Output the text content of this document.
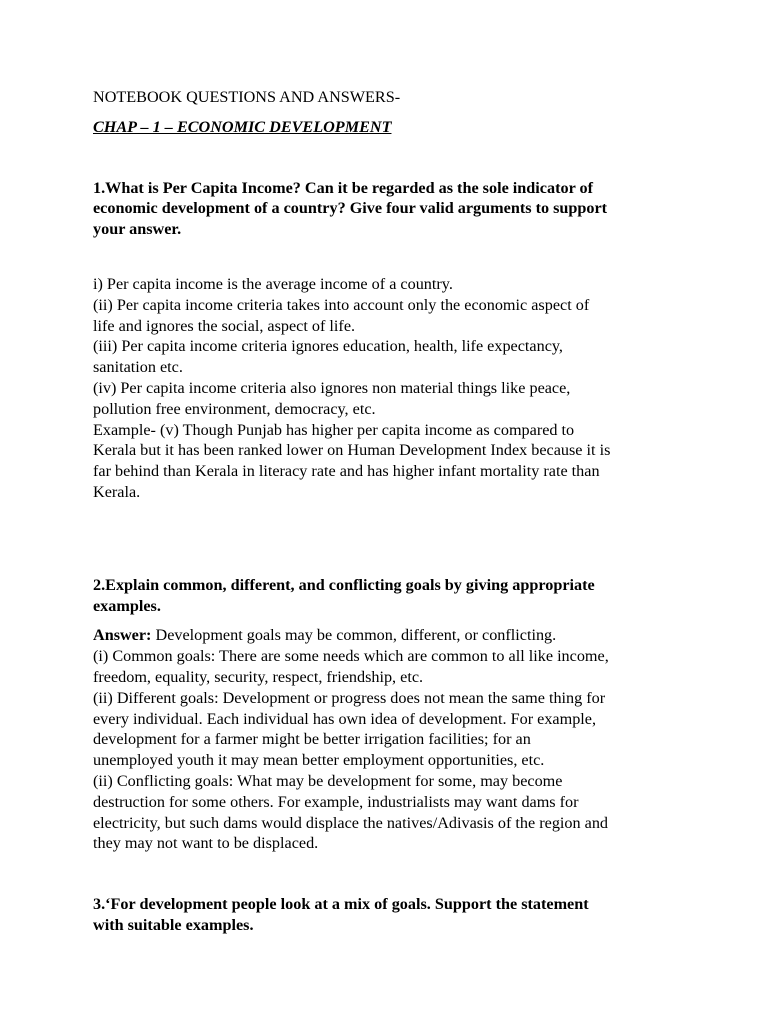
NOTEBOOK QUESTIONS AND ANSWERS-
CHAP – 1 – ECONOMIC DEVELOPMENT
1.What is Per Capita Income? Can it be regarded as the sole indicator of
economic development of a country? Give four valid arguments to support
your answer.
i) Per capita income is the average income of a country.
(ii) Per capita income criteria takes into account only the economic aspect of
life and ignores the social, aspect of life.
(iii) Per capita income criteria ignores education, health, life expectancy,
sanitation etc.
(iv) Per capita income criteria also ignores non material things like peace,
pollution free environment, democracy, etc.
Example- (v) Though Punjab has higher per capita income as compared to
Kerala but it has been ranked lower on Human Development Index because it is
far behind than Kerala in literacy rate and has higher infant mortality rate than
Kerala.
2.Explain common, different, and conflicting goals by giving appropriate
examples.
Answer: Development goals may be common, different, or conflicting.
(i) Common goals: There are some needs which are common to all like income,
freedom, equality, security, respect, friendship, etc.
(ii) Different goals: Development or progress does not mean the same thing for
every individual. Each individual has own idea of development. For example,
development for a farmer might be better irrigation facilities; for an
unemployed youth it may mean better employment opportunities, etc.
(ii) Conflicting goals: What may be development for some, may become
destruction for some others. For example, industrialists may want dams for
electricity, but such dams would displace the natives/Adivasis of the region and
they may not want to be displaced.
3.‘For development people look at a mix of goals. Support the statement
with suitable examples.
